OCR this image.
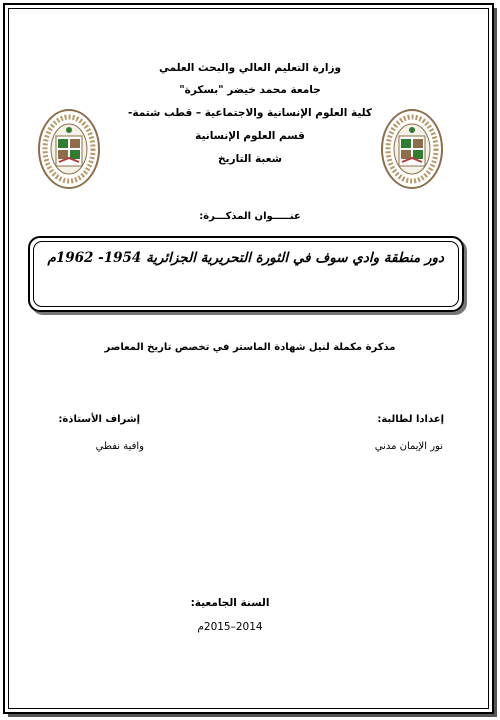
وزارة التعليم العالي والبحث العلمي
جامعة محمد خيضر "بسكرة"
كلية العلوم الإنسانية والاجتماعية – قطب شتمة-
قسم العلوم الإنسانية
شعبة التاريخ
عنـــــوان المذكـــرة:
دور منطقة وادي سوف في الثورة التحريرية الجزائرية 1954- 1962م
مذكرة مكملة لنيل شهادة الماستر في تخصص تاريخ المعاصر
إعدادا لطالبة:
نور الإيمان مدني
إشراف الأستاذة:
وافية نفطي
السنة الجامعية:
2014–2015م
